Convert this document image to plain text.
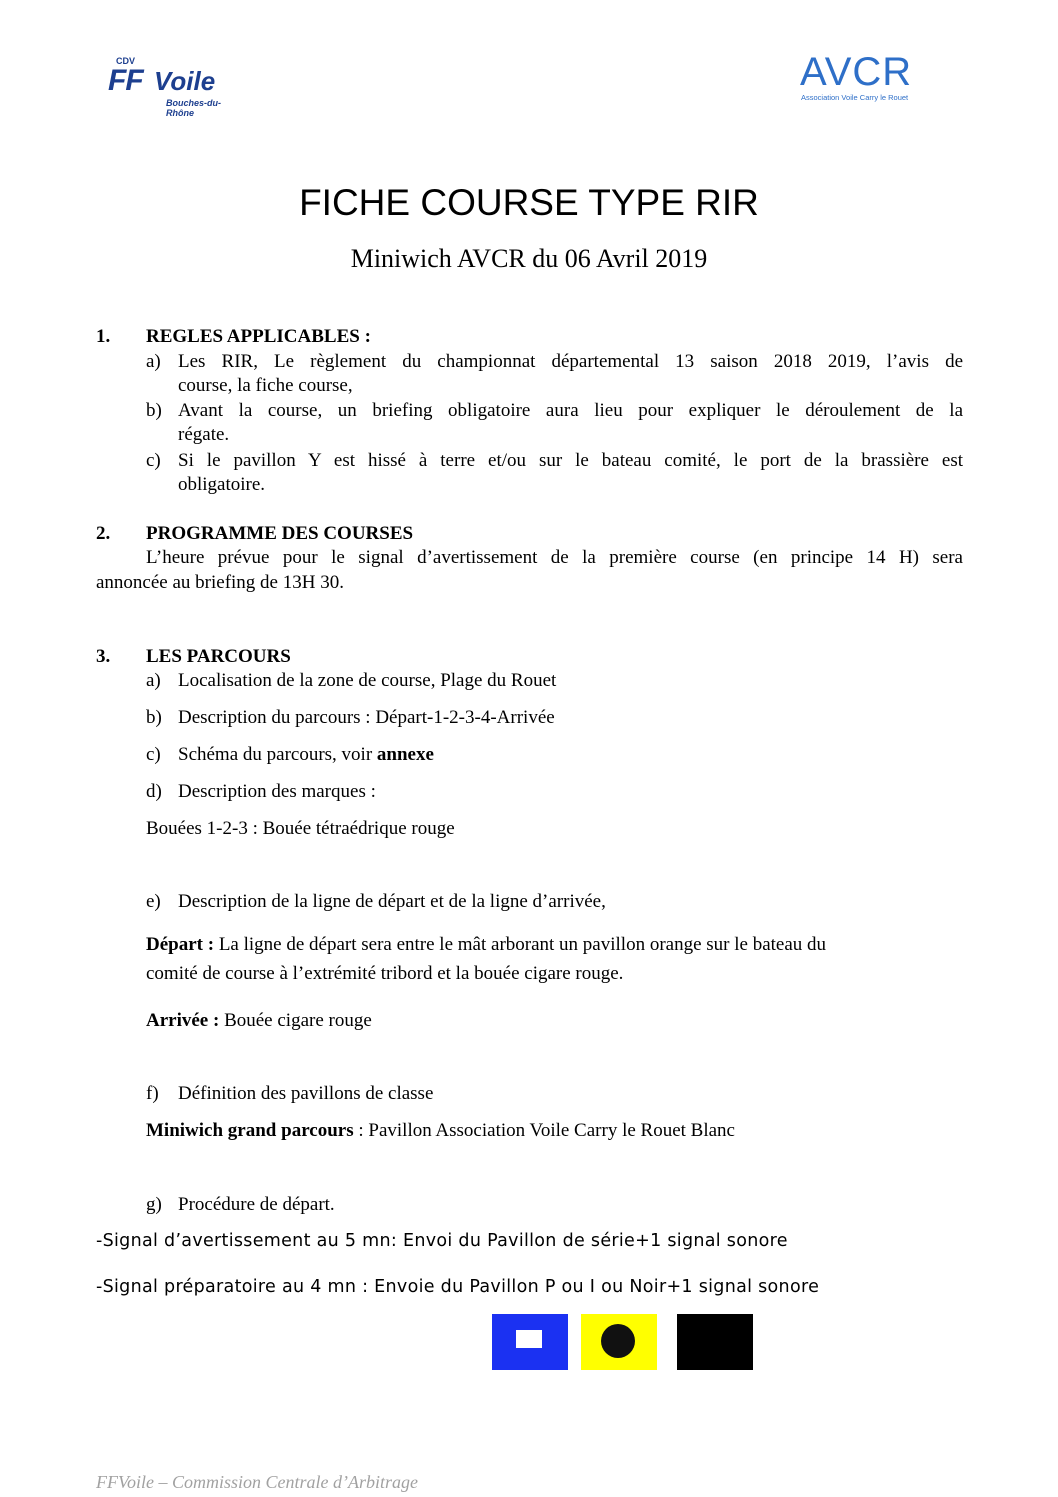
CDV
FF Voile
Bouches-du-Rhône
AVCR
Association Voile Carry le Rouet
FICHE COURSE TYPE RIR
Miniwich AVCR du 06 Avril 2019
1. REGLES APPLICABLES :
a) Les RIR, Le règlement du championnat départemental 13 saison 2018 2019, l’avis de
course, la fiche course,
b) Avant la course, un briefing obligatoire aura lieu pour expliquer le déroulement de la
régate.
c) Si le pavillon Y est hissé à terre et/ou sur le bateau comité, le port de la brassière est
obligatoire.
2. PROGRAMME DES COURSES
L’heure prévue pour le signal d’avertissement de la première course (en principe 14 H) sera
annoncée au briefing de 13H 30.
3. LES PARCOURS
a) Localisation de la zone de course, Plage du Rouet
b) Description du parcours : Départ-1-2-3-4-Arrivée
c) Schéma du parcours, voir annexe
d) Description des marques :
Bouées 1-2-3 : Bouée tétraédrique rouge
e) Description de la ligne de départ et de la ligne d’arrivée,
Départ : La ligne de départ sera entre le mât arborant un pavillon orange sur le bateau du
comité de course à l’extrémité tribord et la bouée cigare rouge.
Arrivée : Bouée cigare rouge
f) Définition des pavillons de classe
Miniwich grand parcours : Pavillon Association Voile Carry le Rouet Blanc
g) Procédure de départ.
-Signal d’avertissement au 5 mn: Envoi du Pavillon de série+1 signal sonore
-Signal préparatoire au 4 mn : Envoie du Pavillon P ou I ou Noir+1 signal sonore
FFVoile – Commission Centrale d’Arbitrage
